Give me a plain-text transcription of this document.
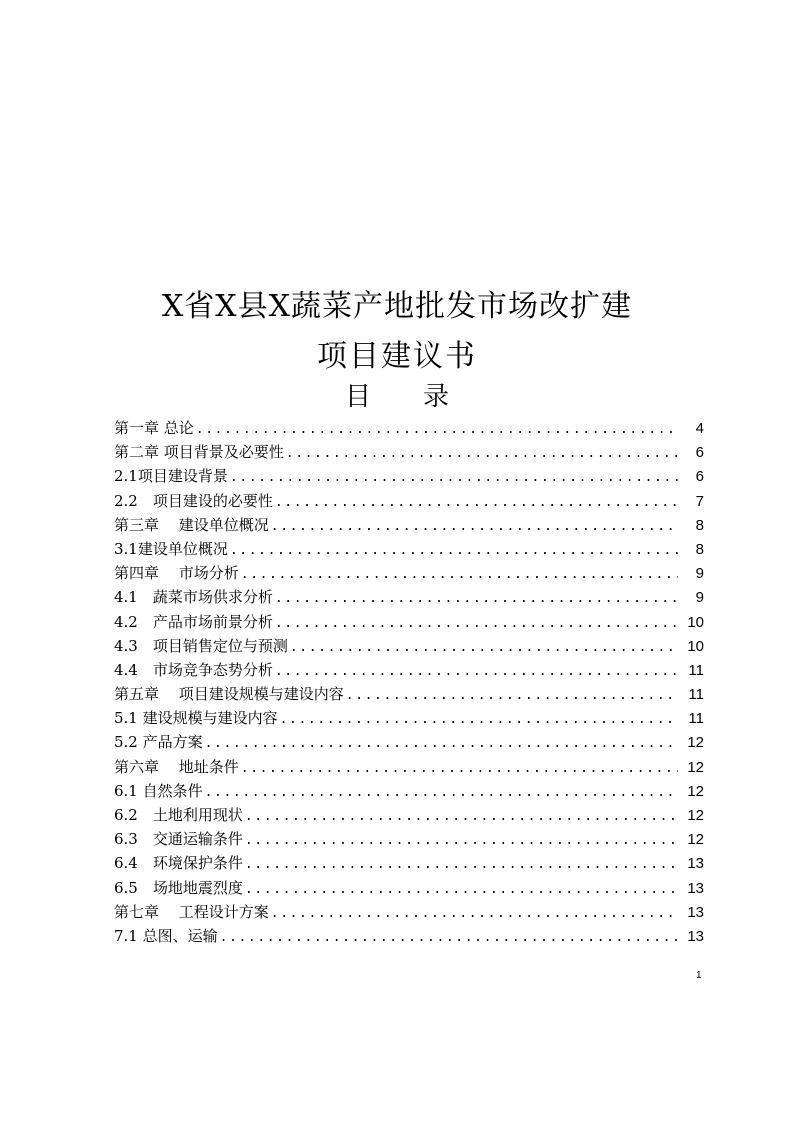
X省X县X蔬菜产地批发市场改扩建
项目建议书
目　　录
第一章 总论 .....	4
第二章 项目背景及必要性 .....	6
2.1项目建设背景 .....	6
2.2　项目建设的必要性 .....	7
第三章　 建设单位概况 .....	8
3.1建设单位概况 .....	8
第四章　 市场分析 .....	9
4.1　蔬菜市场供求分析 .....	9
4.2　产品市场前景分析 .....	10
4.3　项目销售定位与预测 .....	10
4.4　市场竞争态势分析 .....	11
第五章　 项目建设规模与建设内容 .....	11
5.1 建设规模与建设内容 .....	11
5.2 产品方案 .....	12
第六章　 地址条件 .....	12
6.1 自然条件 .....	12
6.2　土地利用现状 .....	12
6.3　交通运输条件 .....	12
6.4　环境保护条件 .....	13
6.5　场地地震烈度 .....	13
第七章　 工程设计方案 .....	13
7.1 总图、运输 .....	13
1
